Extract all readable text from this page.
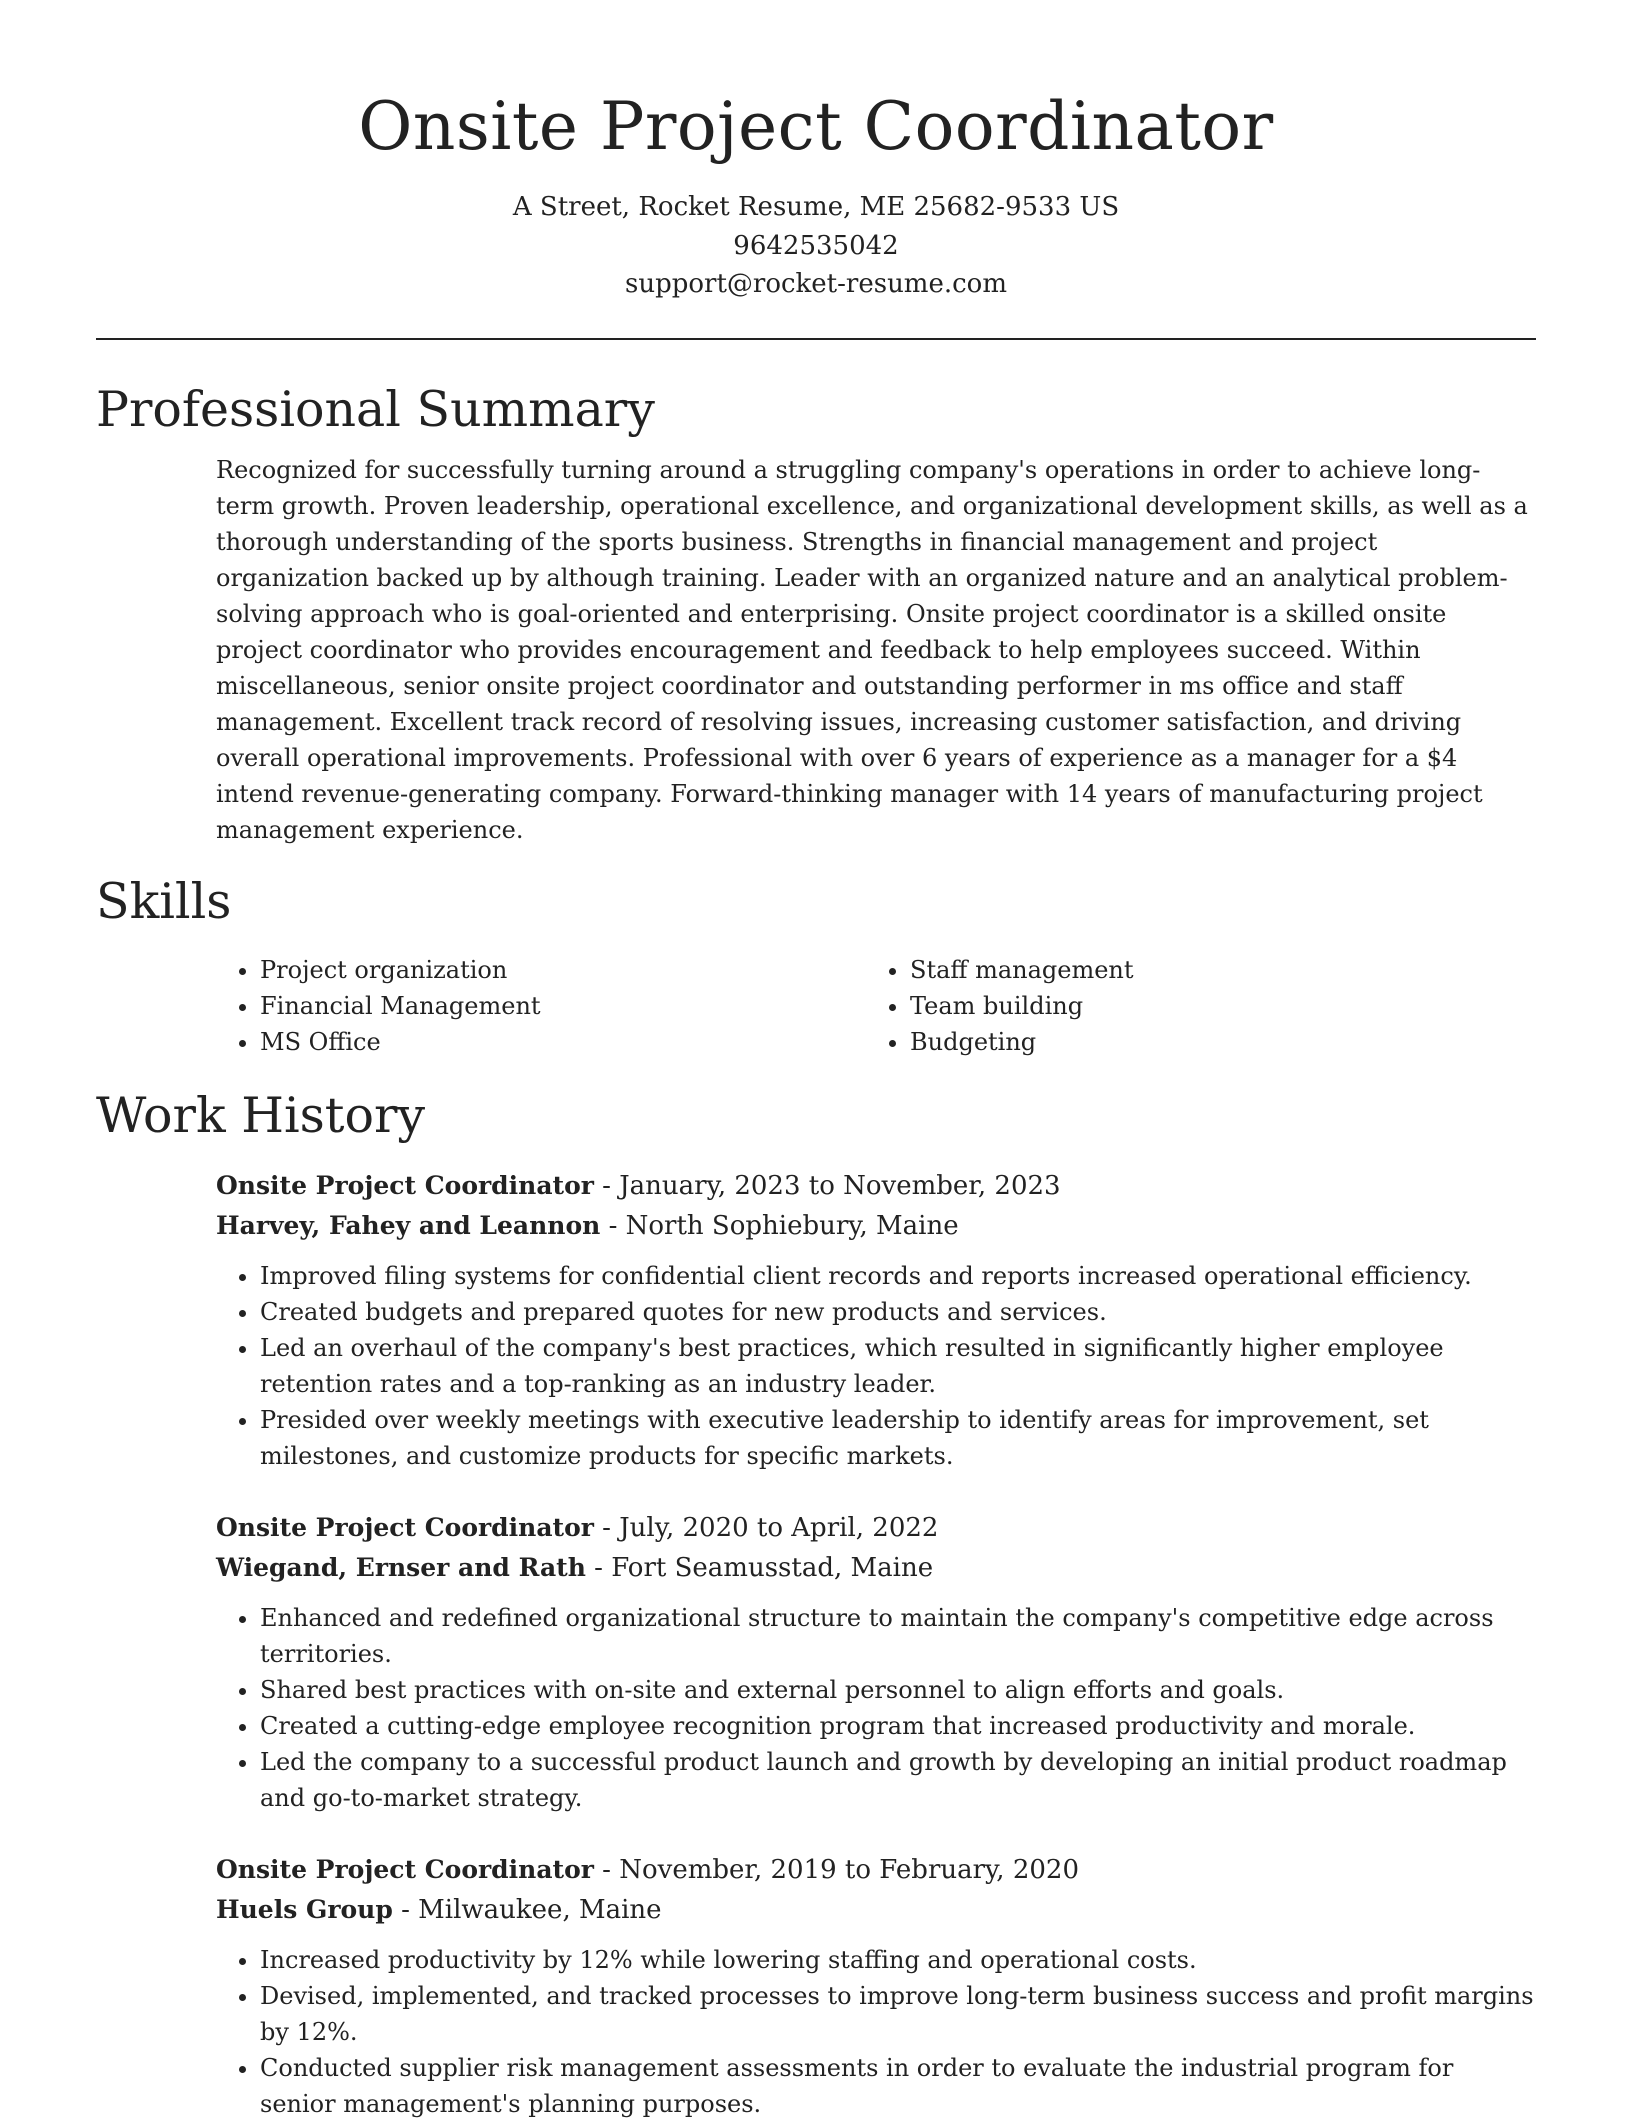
Onsite Project Coordinator
A Street, Rocket Resume, ME 25682-9533 US
9642535042
support@rocket-resume.com
Professional Summary

Recognized for successfully turning around a struggling company's operations in order to achieve long-term growth. Proven leadership, operational excellence, and organizational development skills, as well as a thorough understanding of the sports business. Strengths in financial management and project organization backed up by although training. Leader with an organized nature and an analytical problem-solving approach who is goal-oriented and enterprising. Onsite project coordinator is a skilled onsite project coordinator who provides encouragement and feedback to help employees succeed. Within miscellaneous, senior onsite project coordinator and outstanding performer in ms office and staff management. Excellent track record of resolving issues, increasing customer satisfaction, and driving overall operational improvements. Professional with over 6 years of experience as a manager for a $4 intend revenue-generating company. Forward-thinking manager with 14 years of manufacturing project management experience.

Skills
• Project organization
• Financial Management
• MS Office
• Staff management
• Team building
• Budgeting
Work History
Onsite Project Coordinator - January, 2023 to November, 2023
Harvey, Fahey and Leannon - North Sophiebury, Maine
• Improved filing systems for confidential client records and reports increased operational efficiency.
• Created budgets and prepared quotes for new products and services.
• Led an overhaul of the company's best practices, which resulted in significantly higher employee retention rates and a top-ranking as an industry leader.
• Presided over weekly meetings with executive leadership to identify areas for improvement, set milestones, and customize products for specific markets.
Onsite Project Coordinator - July, 2020 to April, 2022
Wiegand, Ernser and Rath - Fort Seamusstad, Maine
• Enhanced and redefined organizational structure to maintain the company's competitive edge across territories.
• Shared best practices with on-site and external personnel to align efforts and goals.
• Created a cutting-edge employee recognition program that increased productivity and morale.
• Led the company to a successful product launch and growth by developing an initial product roadmap and go-to-market strategy.
Onsite Project Coordinator - November, 2019 to February, 2020
Huels Group - Milwaukee, Maine
• Increased productivity by 12% while lowering staffing and operational costs.
• Devised, implemented, and tracked processes to improve long-term business success and profit margins by 12%.
• Conducted supplier risk management assessments in order to evaluate the industrial program for senior management's planning purposes.
